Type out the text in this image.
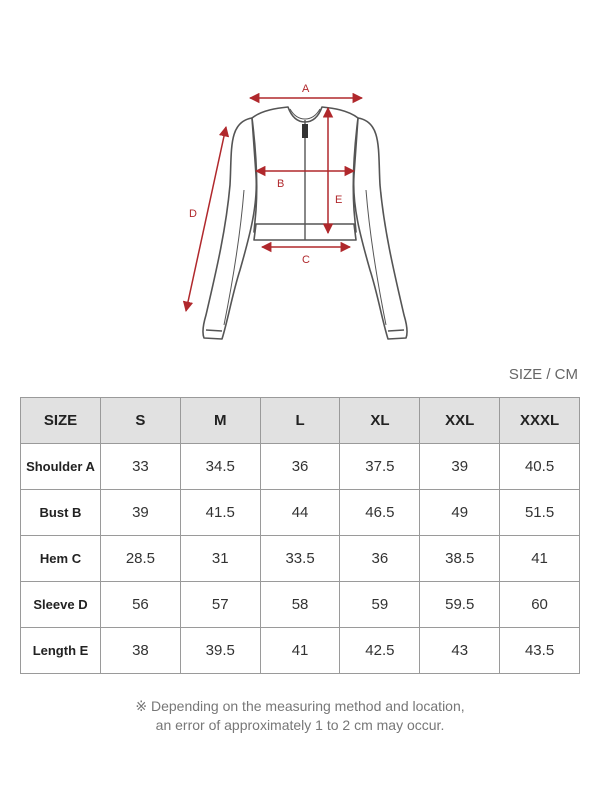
A
B
C
D
E
SIZE / CM
SIZE	S	M	L	XL	XXL	XXXL
Shoulder A	33	34.5	36	37.5	39	40.5
Bust B	39	41.5	44	46.5	49	51.5
Hem C	28.5	31	33.5	36	38.5	41
Sleeve D	56	57	58	59	59.5	60
Length E	38	39.5	41	42.5	43	43.5
※ Depending on the measuring method and location,
an error of approximately 1 to 2 cm may occur.
